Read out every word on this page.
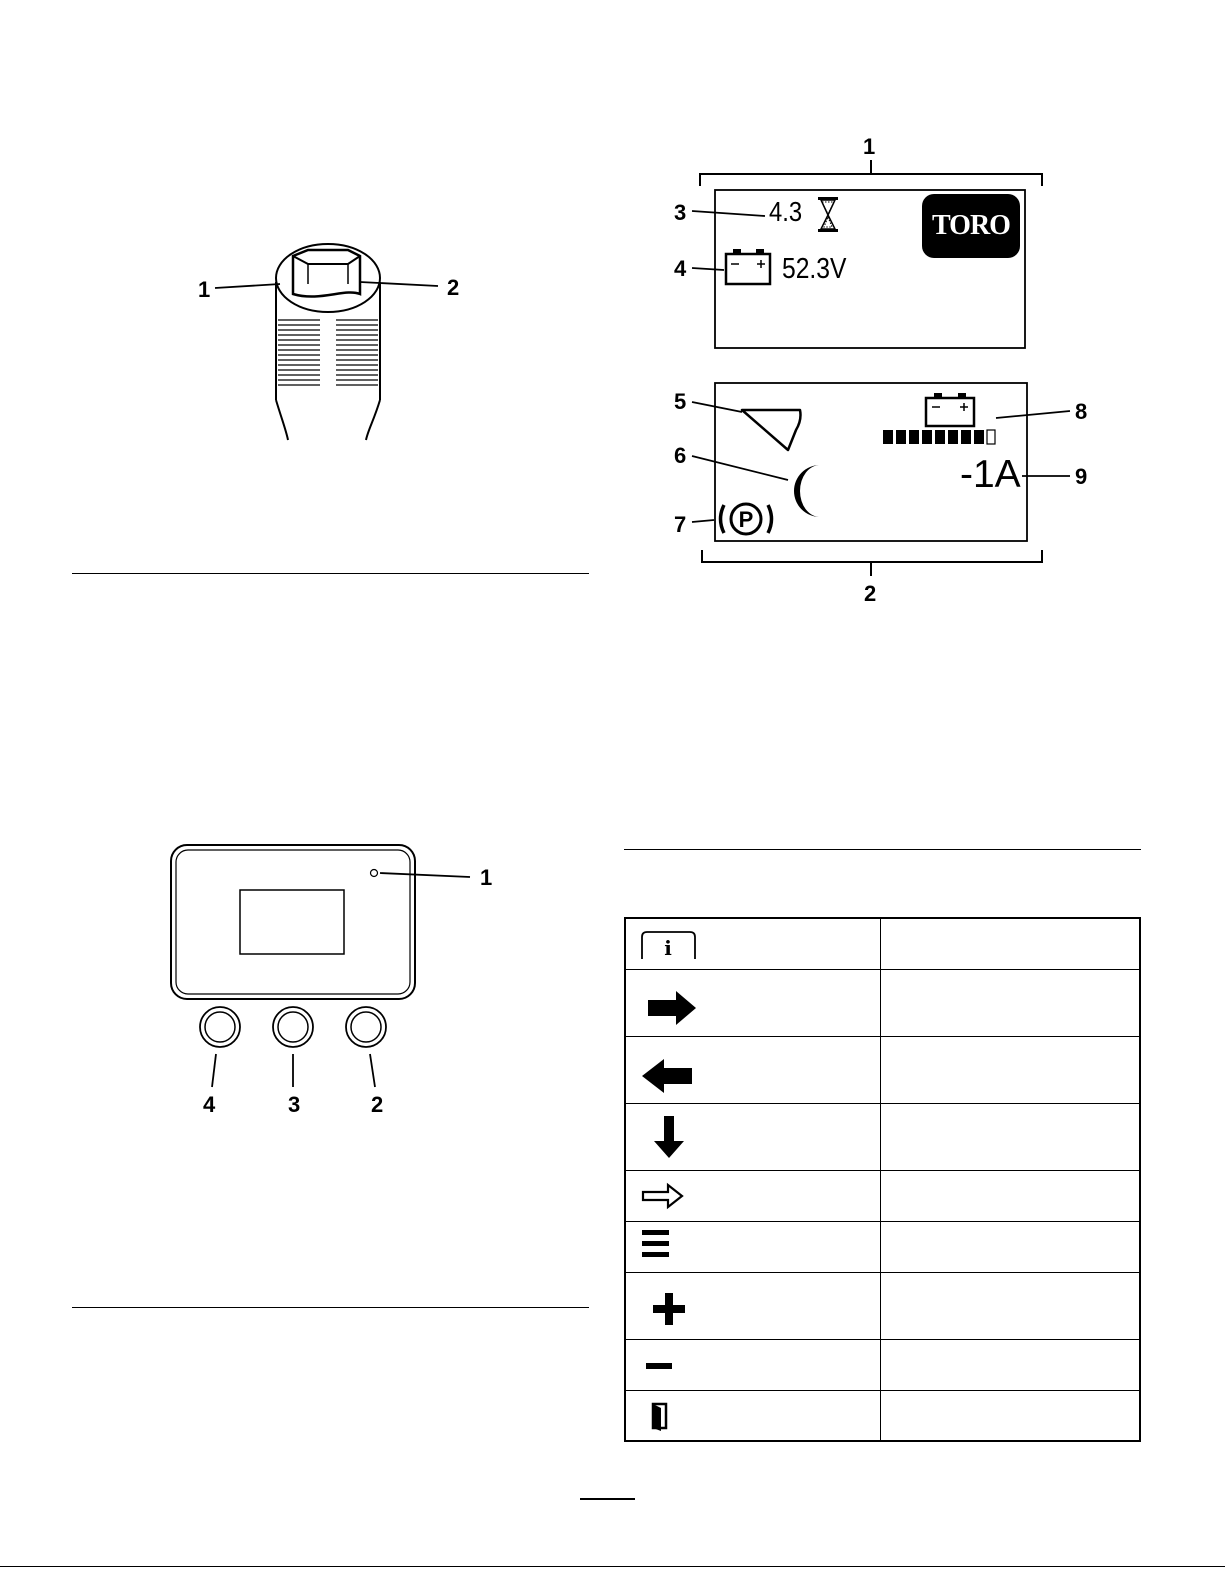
1	2
P
1
2
3
4
5
6
7
8
9
4.3
52.3V
-1A
TORO
1
4	3	2
i	
